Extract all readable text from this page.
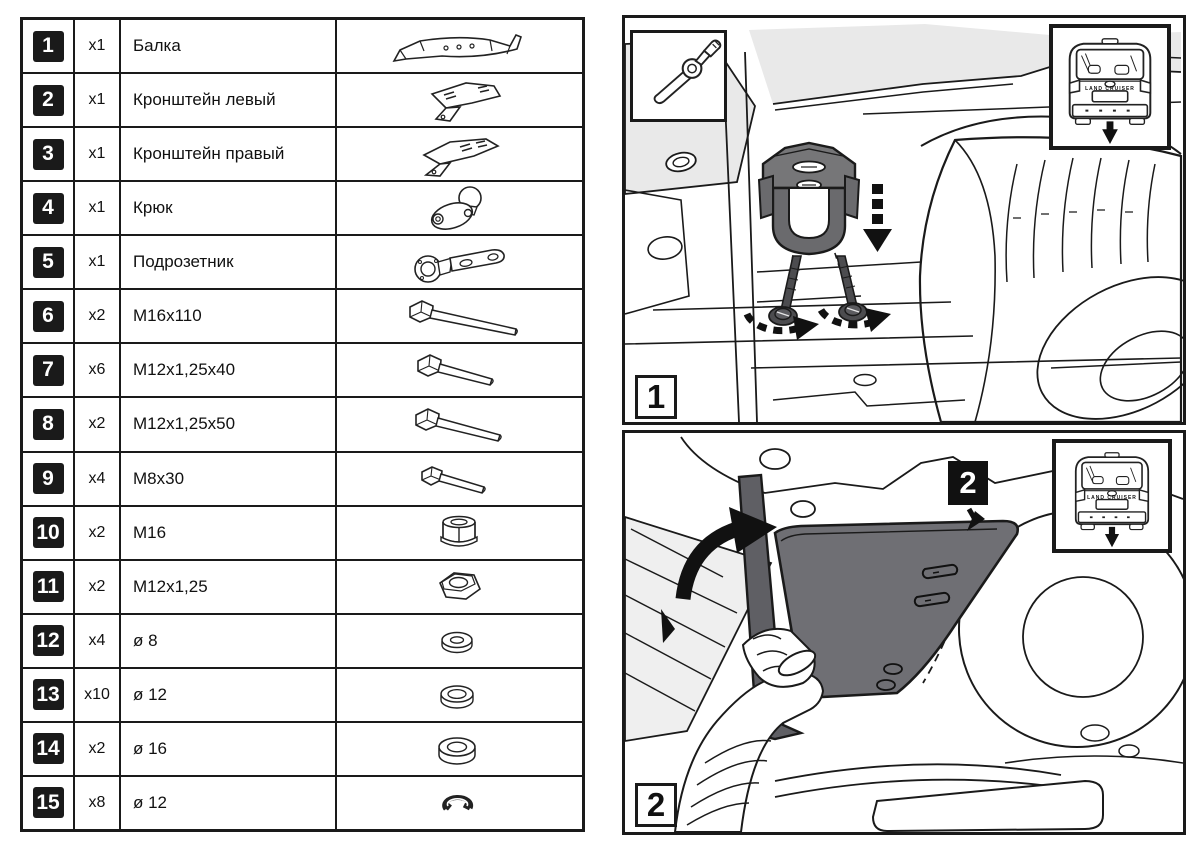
1	x1	Балка
2	x1	Кронштейн левый
3	x1	Кронштейн правый
4	x1	Крюк
5	x1	Подрозетник
6	x2	M16x110
7	x6	M12x1,25x40
8	x2	M12x1,25x50
9	x4	M8x30
10	x2	M16
11	x2	M12x1,25
12	x4	ø 8
13	x10	ø 12
14	x2	ø 16
15	x8	ø 12
LAND CRUISER
1
2	LAND CRUISER
2
